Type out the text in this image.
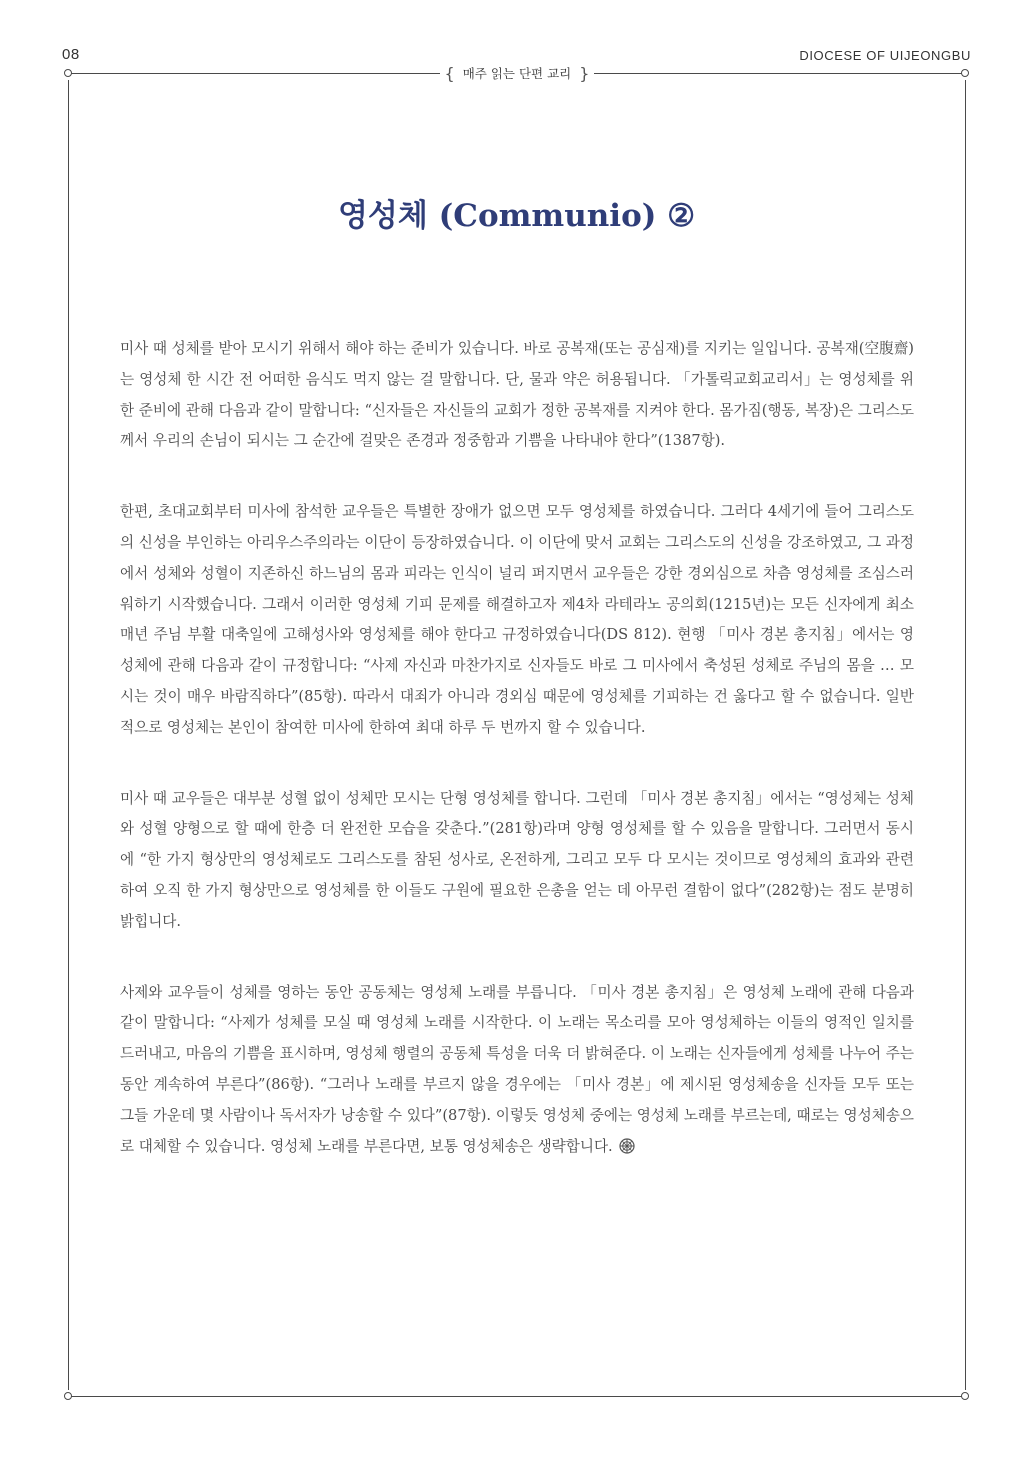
08	DIOCESE OF UIJEONGBU
{ 매주 읽는 단편 교리 }
영성체 (Communio) ②

미사 때 성체를 받아 모시기 위해서 해야 하는 준비가 있습니다. 바로 공복재(또는 공심재)를 지키는 일입니다. 공복재(空腹齋)는 영성체 한 시간 전 어떠한 음식도 먹지 않는 걸 말합니다. 단, 물과 약은 허용됩니다. 「가톨릭교회교리서」는 영성체를 위한 준비에 관해 다음과 같이 말합니다: “신자들은 자신들의 교회가 정한 공복재를 지켜야 한다. 몸가짐(행동, 복장)은 그리스도께서 우리의 손님이 되시는 그 순간에 걸맞은 존경과 정중함과 기쁨을 나타내야 한다”(1387항).

한편, 초대교회부터 미사에 참석한 교우들은 특별한 장애가 없으면 모두 영성체를 하였습니다. 그러다 4세기에 들어 그리스도의 신성을 부인하는 아리우스주의라는 이단이 등장하였습니다. 이 이단에 맞서 교회는 그리스도의 신성을 강조하였고, 그 과정에서 성체와 성혈이 지존하신 하느님의 몸과 피라는 인식이 널리 퍼지면서 교우들은 강한 경외심으로 차츰 영성체를 조심스러워하기 시작했습니다. 그래서 이러한 영성체 기피 문제를 해결하고자 제4차 라테라노 공의회(1215년)는 모든 신자에게 최소 매년 주님 부활 대축일에 고해성사와 영성체를 해야 한다고 규정하였습니다(DS 812). 현행 「미사 경본 총지침」에서는 영성체에 관해 다음과 같이 규정합니다: “사제 자신과 마찬가지로 신자들도 바로 그 미사에서 축성된 성체로 주님의 몸을 … 모시는 것이 매우 바람직하다”(85항). 따라서 대죄가 아니라 경외심 때문에 영성체를 기피하는 건 옳다고 할 수 없습니다. 일반적으로 영성체는 본인이 참여한 미사에 한하여 최대 하루 두 번까지 할 수 있습니다.

미사 때 교우들은 대부분 성혈 없이 성체만 모시는 단형 영성체를 합니다. 그런데 「미사 경본 총지침」에서는 “영성체는 성체와 성혈 양형으로 할 때에 한층 더 완전한 모습을 갖춘다.”(281항)라며 양형 영성체를 할 수 있음을 말합니다. 그러면서 동시에 “한 가지 형상만의 영성체로도 그리스도를 참된 성사로, 온전하게, 그리고 모두 다 모시는 것이므로 영성체의 효과와 관련하여 오직 한 가지 형상만으로 영성체를 한 이들도 구원에 필요한 은총을 얻는 데 아무런 결함이 없다”(282항)는 점도 분명히 밝힙니다.

사제와 교우들이 성체를 영하는 동안 공동체는 영성체 노래를 부릅니다. 「미사 경본 총지침」은 영성체 노래에 관해 다음과 같이 말합니다: “사제가 성체를 모실 때 영성체 노래를 시작한다. 이 노래는 목소리를 모아 영성체하는 이들의 영적인 일치를 드러내고, 마음의 기쁨을 표시하며, 영성체 행렬의 공동체 특성을 더욱 더 밝혀준다. 이 노래는 신자들에게 성체를 나누어 주는 동안 계속하여 부른다”(86항). “그러나 노래를 부르지 않을 경우에는 「미사 경본」에 제시된 영성체송을 신자들 모두 또는 그들 가운데 몇 사람이나 독서자가 낭송할 수 있다”(87항). 이렇듯 영성체 중에는 영성체 노래를 부르는데, 때로는 영성체송으로 대체할 수 있습니다. 영성체 노래를 부른다면, 보통 영성체송은 생략합니다.
